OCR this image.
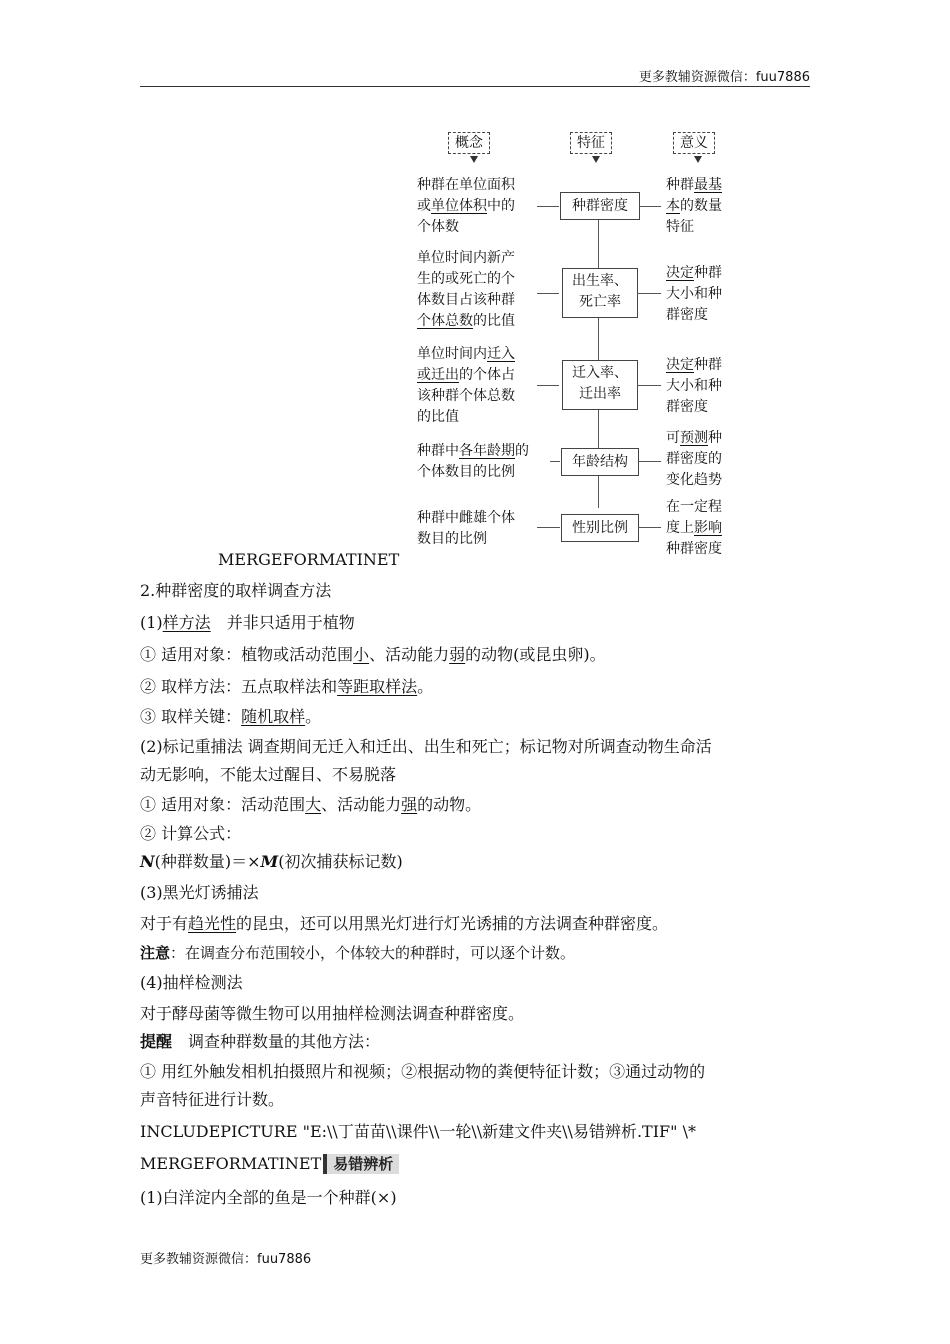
更多教辅资源微信：fuu7886
更多教辅资源微信：fuu7886
概念	特征	意义
种群在单位面积
或单位体积中的
个体数
种群密度
种群最基
本的数量
特征
单位时间内新产
生的或死亡的个
体数目占该种群
个体总数的比值
出生率、
死亡率
决定种群
大小和种
群密度
单位时间内迁入
或迁出的个体占
该种群个体总数
的比值
迁入率、
迁出率
决定种群
大小和种
群密度
种群中各年龄期的
个体数目的比例
年龄结构
可预测种
群密度的
变化趋势
种群中雌雄个体
数目的比例
性别比例
在一定程
度上影响
种群密度
MERGEFORMATINET
2.种群密度的取样调查方法
(1)样方法　并非只适用于植物
① 适用对象：植物或活动范围小、活动能力弱的动物(或昆虫卵)。
② 取样方法：五点取样法和等距取样法。
③ 取样关键：随机取样。
(2)标记重捕法 调查期间无迁入和迁出、出生和死亡；标记物对所调查动物生命活
动无影响，不能太过醒目、不易脱落
① 适用对象：活动范围大、活动能力强的动物。
② 计算公式：
N(种群数量)＝×M(初次捕获标记数)
(3)黑光灯诱捕法
对于有趋光性的昆虫，还可以用黑光灯进行灯光诱捕的方法调查种群密度。
注意：在调查分布范围较小，个体较大的种群时，可以逐个计数。
(4)抽样检测法
对于酵母菌等微生物可以用抽样检测法调查种群密度。
提醒　调查种群数量的其他方法：
① 用红外触发相机拍摄照片和视频；②根据动物的粪便特征计数；③通过动物的
声音特征进行计数。
INCLUDEPICTURE "E:\\丁苗苗\\课件\\一轮\\新建文件夹\\易错辨析.TIF" \*
MERGEFORMATINET 易错辨析
(1)白洋淀内全部的鱼是一个种群(×)
